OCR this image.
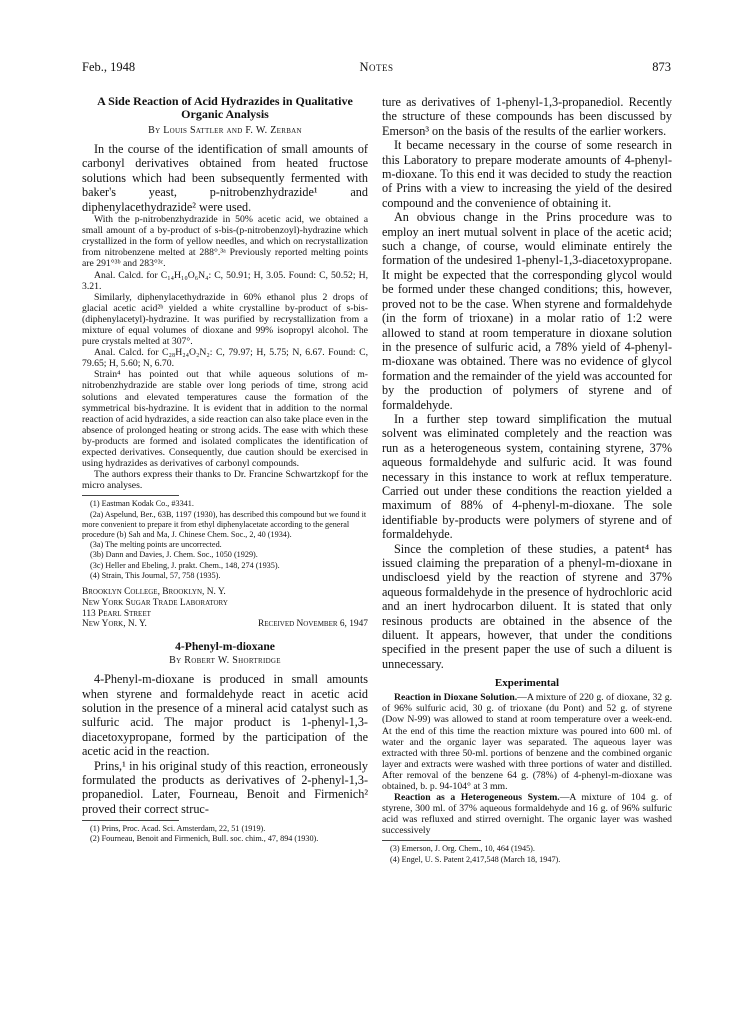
Feb., 1948	Notes	873

A Side Reaction of Acid Hydrazides in Qualitative Organic Analysis

By Louis Sattler and F. W. Zerban

In the course of the identification of small amounts of carbonyl derivatives obtained from heated fructose solutions which had been subsequently fermented with baker's yeast, p-nitrobenzhydrazide¹ and diphenylacethydrazide² were used.

With the p-nitrobenzhydrazide in 50% acetic acid, we obtained a small amount of a by-product of s-bis-(p-nitrobenzoyl)-hydrazine which crystallized in the form of yellow needles, and which on recrystallization from nitrobenzene melted at 288°.³ᵃ Previously reported melting points are 291°³ᵇ and 283°³ᶜ.

Anal. Calcd. for C₁₄H₁₀O₆N₄: C, 50.91; H, 3.05. Found: C, 50.52; H, 3.21.

Similarly, diphenylacethydrazide in 60% ethanol plus 2 drops of glacial acetic acid²ᵇ yielded a white crystalline by-product of s-bis-(diphenylacetyl)-hydrazine. It was purified by recrystallization from a mixture of equal volumes of dioxane and 99% isopropyl alcohol. The pure crystals melted at 307°.

Anal. Calcd. for C₂₈H₂₄O₂N₂: C, 79.97; H, 5.75; N, 6.67. Found: C, 79.65; H, 5.60; N, 6.70.

Strain⁴ has pointed out that while aqueous solutions of m-nitrobenzhydrazide are stable over long periods of time, strong acid solutions and elevated temperatures cause the formation of the symmetrical bis-hydrazine. It is evident that in addition to the normal reaction of acid hydrazides, a side reaction can also take place even in the absence of prolonged heating or strong acids. The ease with which these by-products are formed and isolated complicates the identification of expected derivatives. Consequently, due caution should be exercised in using hydrazides as derivatives of carbonyl compounds.

The authors express their thanks to Dr. Francine Schwartzkopf for the micro analyses.

(1) Eastman Kodak Co., #3341.

(2a) Aspelund, Ber., 63B, 1197 (1930), has described this compound but we found it more convenient to prepare it from ethyl diphenylacetate according to the general procedure (b) Sah and Ma, J. Chinese Chem. Soc., 2, 40 (1934).

(3a) The melting points are uncorrected.

(3b) Dann and Davies, J. Chem. Soc., 1050 (1929).

(3c) Heller and Ebeling, J. prakt. Chem., 148, 274 (1935).

(4) Strain, This Journal, 57, 758 (1935).

Brooklyn College, Brooklyn, N. Y.
New York Sugar Trade Laboratory
113 Pearl Street
New York, N. Y.	Received November 6, 1947

4-Phenyl-m-dioxane

By Robert W. Shortridge

4-Phenyl-m-dioxane is produced in small amounts when styrene and formaldehyde react in acetic acid solution in the presence of a mineral acid catalyst such as sulfuric acid. The major product is 1-phenyl-1,3-diacetoxypropane, formed by the participation of the acetic acid in the reaction.

Prins,¹ in his original study of this reaction, erroneously formulated the products as derivatives of 2-phenyl-1,3-propanediol. Later, Fourneau, Benoit and Firmenich² proved their correct struc-

(1) Prins, Proc. Acad. Sci. Amsterdam, 22, 51 (1919).

(2) Fourneau, Benoit and Firmenich, Bull. soc. chim., 47, 894 (1930).

ture as derivatives of 1-phenyl-1,3-propanediol. Recently the structure of these compounds has been discussed by Emerson³ on the basis of the results of the earlier workers.

It became necessary in the course of some research in this Laboratory to prepare moderate amounts of 4-phenyl-m-dioxane. To this end it was decided to study the reaction of Prins with a view to increasing the yield of the desired compound and the convenience of obtaining it.

An obvious change in the Prins procedure was to employ an inert mutual solvent in place of the acetic acid; such a change, of course, would eliminate entirely the formation of the undesired 1-phenyl-1,3-diacetoxypropane. It might be expected that the corresponding glycol would be formed under these changed conditions; this, however, proved not to be the case. When styrene and formaldehyde (in the form of trioxane) in a molar ratio of 1:2 were allowed to stand at room temperature in dioxane solution in the presence of sulfuric acid, a 78% yield of 4-phenyl-m-dioxane was obtained. There was no evidence of glycol formation and the remainder of the yield was accounted for by the production of polymers of styrene and of formaldehyde.

In a further step toward simplification the mutual solvent was eliminated completely and the reaction was run as a heterogeneous system, containing styrene, 37% aqueous formaldehyde and sulfuric acid. It was found necessary in this instance to work at reflux temperature. Carried out under these conditions the reaction yielded a maximum of 88% of 4-phenyl-m-dioxane. The sole identifiable by-products were polymers of styrene and of formaldehyde.

Since the completion of these studies, a patent⁴ has issued claiming the preparation of a phenyl-m-dioxane in undiscloesd yield by the reaction of styrene and 37% aqueous formaldehyde in the presence of hydrochloric acid and an inert hydrocarbon diluent. It is stated that only resinous products are obtained in the absence of the diluent. It appears, however, that under the conditions specified in the present paper the use of such a diluent is unnecessary.

Experimental

Reaction in Dioxane Solution.—A mixture of 220 g. of dioxane, 32 g. of 96% sulfuric acid, 30 g. of trioxane (du Pont) and 52 g. of styrene (Dow N-99) was allowed to stand at room temperature over a week-end. At the end of this time the reaction mixture was poured into 600 ml. of water and the organic layer was separated. The aqueous layer was extracted with three 50-ml. portions of benzene and the combined organic layer and extracts were washed with three portions of water and distilled. After removal of the benzene 64 g. (78%) of 4-phenyl-m-dioxane was obtained, b. p. 94-104° at 3 mm.

Reaction as a Heterogeneous System.—A mixture of 104 g. of styrene, 300 ml. of 37% aqueous formaldehyde and 16 g. of 96% sulfuric acid was refluxed and stirred overnight. The organic layer was washed successively

(3) Emerson, J. Org. Chem., 10, 464 (1945).

(4) Engel, U. S. Patent 2,417,548 (March 18, 1947).
